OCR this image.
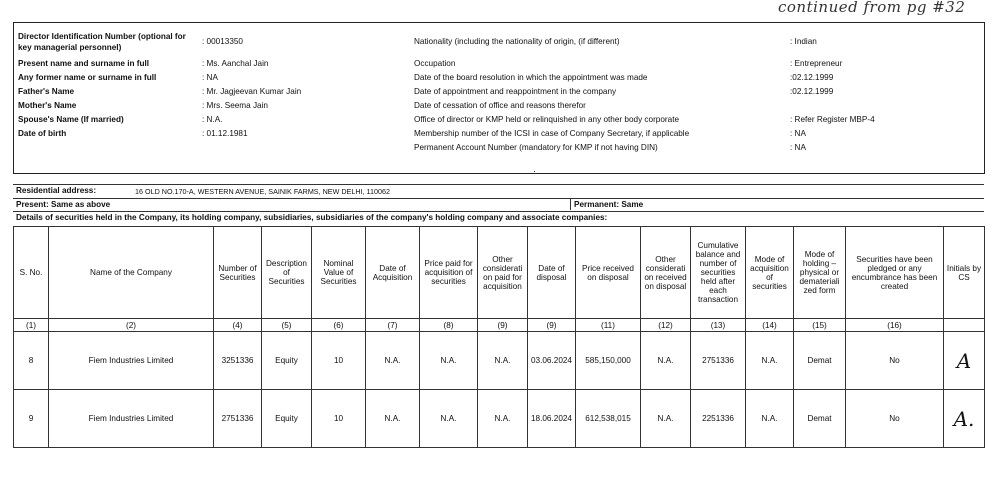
continued from pg #32
Director Identification Number (optional for key managerial personnel)
: 00013350
Present name and surname in full	: Ms. Aanchal Jain
Any former name or surname in full	: NA
Father's Name	: Mr. Jagjeevan Kumar Jain
Mother's Name	: Mrs. Seema Jain
Spouse's Name (If married)	: N.A.
Date of birth	: 01.12.1981
Nationality (including the nationality of origin, (if different)	: Indian
Occupation	: Entrepreneur
Date of the board resolution in which the appointment was made	:02.12.1999
Date of appointment and reappointment in the company	:02.12.1999
Date of cessation of office and reasons therefor
Office of director or KMP held or relinquished in any other body corporate	: Refer Register MBP-4
Membership number of the ICSI in case of Company Secretary, if applicable	: NA
Permanent Account Number (mandatory for KMP if not having DIN)	: NA
·
Residential address:	16 OLD NO.170-A, WESTERN AVENUE, SAINIK FARMS, NEW DELHI, 110062
Present: Same as above	Permanent: Same
Details of securities held in the Company, its holding company, subsidiaries, subsidiaries of the company's holding company and associate companies:
S. No.	Name of the Company	Number of Securities	Description of Securities	Nominal Value of Securities	Date of Acquisition	Price paid for acquisition of securities	Other considerati on paid for acquisition	Date of disposal	Price received on disposal	Other considerati on received on disposal	Cumulative balance and number of securities held after each transaction	Mode of acquisition of securities	Mode of holding – physical or demateriali zed form	Securities have been pledged or any encumbrance has been created	Initials by CS
(1)	(2)	(4)	(5)	(6)	(7)	(8)	(9)	(9)	(11)	(12)	(13)	(14)	(15)	(16)	
8	Fiem Industries Limited	3251336	Equity	10	N.A.	N.A.	N.A.	03.06.2024	585,150,000	N.A.	2751336	N.A.	Demat	No	A
9	Fiem Industries Limited	2751336	Equity	10	N.A.	N.A.	N.A.	18.06.2024	612,538,015	N.A.	2251336	N.A.	Demat	No	A.
